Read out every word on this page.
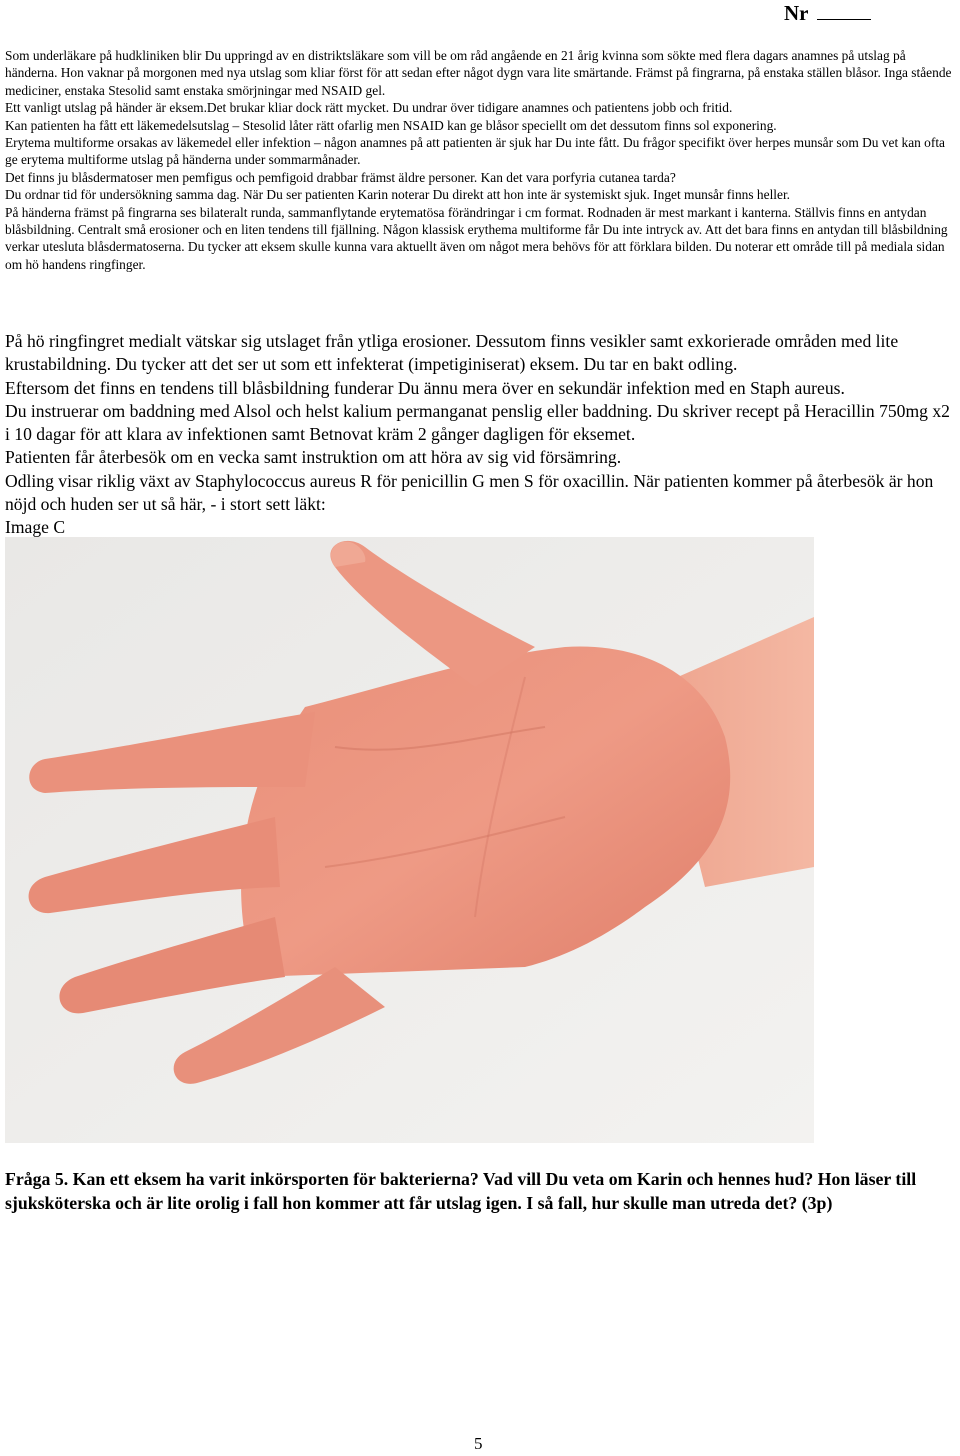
Nr

Som underläkare på hudkliniken blir Du uppringd av en distriktsläkare som vill be om råd angående en 21 årig kvinna som sökte med flera dagars anamnes på utslag på händerna. Hon vaknar på morgonen med nya utslag som kliar först för att sedan efter något dygn vara lite smärtande. Främst på fingrarna, på enstaka ställen blåsor. Inga stående mediciner, enstaka Stesolid samt enstaka smörjningar med NSAID gel.

Ett vanligt utslag på händer är eksem.Det brukar kliar dock rätt mycket. Du undrar över tidigare anamnes och patientens jobb och fritid.

Kan patienten ha fått ett läkemedelsutslag – Stesolid låter rätt ofarlig men NSAID kan ge blåsor speciellt om det dessutom finns sol exponering.

Erytema multiforme orsakas av läkemedel eller infektion – någon anamnes på att patienten är sjuk har Du inte fått. Du frågor specifikt över herpes munsår som Du vet kan ofta ge erytema multiforme utslag på händerna under sommarmånader.

Det finns ju blåsdermatoser men pemfigus och pemfigoid drabbar främst äldre personer. Kan det vara porfyria cutanea tarda?

Du ordnar tid för undersökning samma dag. När Du ser patienten Karin noterar Du direkt att hon inte är systemiskt sjuk. Inget munsår finns heller.

På händerna främst på fingrarna ses bilateralt runda, sammanflytande erytematösa förändringar i cm format. Rodnaden är mest markant i kanterna. Ställvis finns en antydan blåsbildning. Centralt små erosioner och en liten tendens till fjällning. Någon klassisk erythema multiforme får Du inte intryck av. Att det bara finns en antydan till blåsbildning verkar utesluta blåsdermatoserna. Du tycker att eksem skulle kunna vara aktuellt även om något mera behövs för att förklara bilden. Du noterar ett område till på mediala sidan om hö handens ringfinger.

På hö ringfingret medialt vätskar sig utslaget från ytliga erosioner. Dessutom finns vesikler samt exkorierade områden med lite krustabildning. Du tycker att det ser ut som ett infekterat (impetiginiserat) eksem. Du tar en bakt odling.

Eftersom det finns en tendens till blåsbildning funderar Du ännu mera över en sekundär infektion med en Staph aureus.

Du instruerar om baddning med Alsol och helst kalium permanganat penslig eller baddning. Du skriver recept på Heracillin 750mg x2 i 10 dagar för att klara av infektionen samt Betnovat kräm 2 gånger dagligen för eksemet.

Patienten får återbesök om en vecka samt instruktion om att höra av sig vid försämring.

Odling visar riklig växt av Staphylococcus aureus R för penicillin G men S för oxacillin. När patienten kommer på återbesök är hon nöjd och huden ser ut så här, - i stort sett läkt:

Image C

Fråga 5. Kan ett eksem ha varit inkörsporten för bakterierna? Vad vill Du veta om Karin och hennes hud? Hon läser till sjuksköterska och är lite orolig i fall hon kommer att får utslag igen. I så fall, hur skulle man utreda det? (3p)

5
